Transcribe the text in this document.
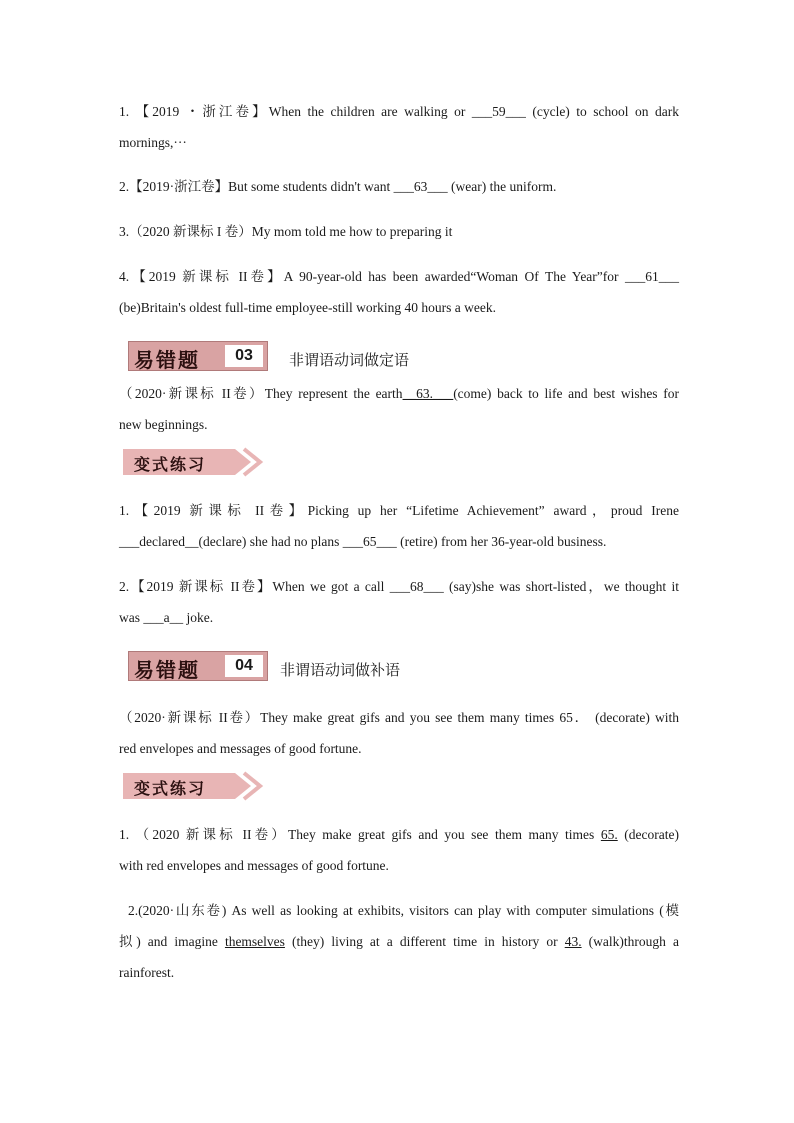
1. 【2019 ・浙江卷】When the children are walking or ___59___ (cycle) to school on dark
mornings,···
2.【2019·浙江卷】But some students didn't want ___63___ (wear) the uniform.
3.（2020 新课标 I 卷）My mom told me how to preparing it
4.【2019 新课标 II卷】A 90-year-old has been awarded“Woman Of The Year”for ___61___
(be)Britain's oldest full-time employee-still working 40 hours a week.
易错题	03	非谓语动词做定语
（2020·新课标 II卷）They represent the earth__63.___(come) back to life and best wishes for
new beginnings.
变式练习
1.【2019 新课标 II卷】Picking up her “Lifetime Achievement” award，proud Irene
___declared__(declare) she had no plans ___65___ (retire) from her 36-year-old business.
2.【2019 新课标 II卷】When we got a call ___68___ (say)she was short-listed，we thought it
was ___a__ joke.
易错题	04	非谓语动词做补语
（2020·新课标 II卷）They make great gifs and you see them many times 65． (decorate) with
red envelopes and messages of good fortune.
变式练习
1. （2020 新课标 II卷）They make great gifs and you see them many times 65. (decorate)
with red envelopes and messages of good fortune.
2.(2020·山东卷) As well as looking at exhibits, visitors can play with computer simulations (模
拟) and imagine themselves (they) living at a different time in history or 43. (walk)through a
rainforest.
